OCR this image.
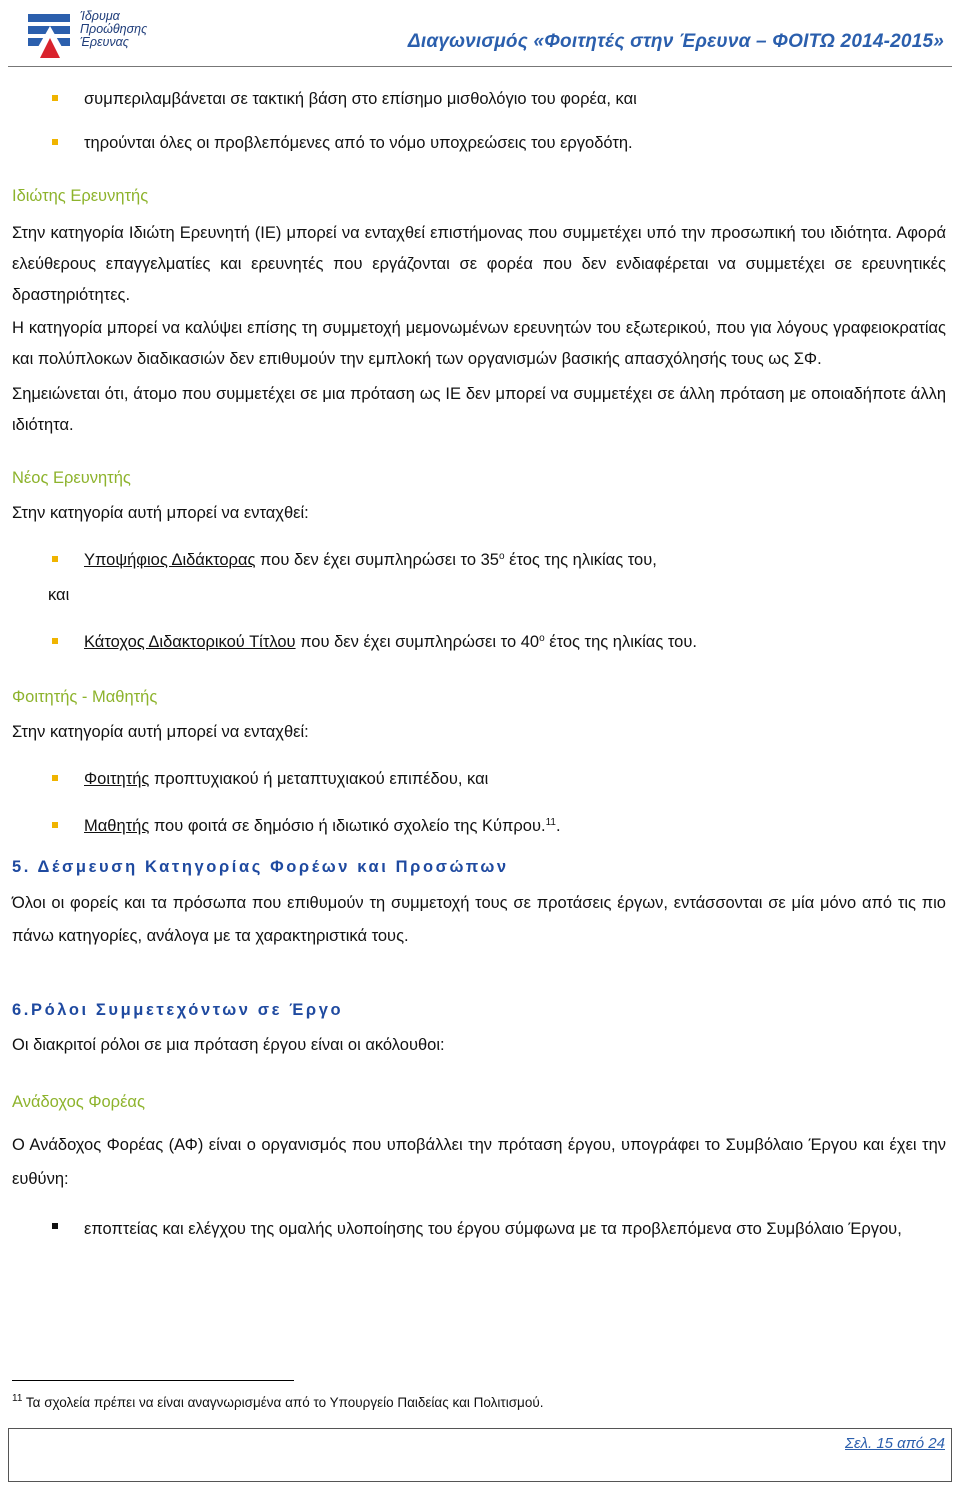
Ίδρυμα
Προώθησης
Έρευνας	Διαγωνισμός «Φοιτητές στην Έρευνα – ΦΟΙΤΩ 2014-2015»

συμπεριλαμβάνεται σε τακτική βάση στο επίσημο μισθολόγιο του φορέα, και

τηρούνται όλες οι προβλεπόμενες από το νόμο υποχρεώσεις του εργοδότη.

Ιδιώτης Ερευνητής

Στην κατηγορία Ιδιώτη Ερευνητή (ΙΕ) μπορεί να ενταχθεί επιστήμονας που συμμετέχει υπό την προσωπική του ιδιότητα. Αφορά ελεύθερους επαγγελματίες και ερευνητές που εργάζονται σε φορέα που δεν ενδιαφέρεται να συμμετέχει σε ερευνητικές δραστηριότητες.

Η κατηγορία μπορεί να καλύψει επίσης τη συμμετοχή μεμονωμένων ερευνητών του εξωτερικού, που για λόγους γραφειοκρατίας και πολύπλοκων διαδικασιών δεν επιθυμούν την εμπλοκή των οργανισμών βασικής απασχόλησής τους ως ΣΦ.

Σημειώνεται ότι, άτομο που συμμετέχει σε μια πρόταση ως ΙΕ δεν μπορεί να συμμετέχει σε άλλη πρόταση με οποιαδήποτε άλλη ιδιότητα.

Νέος Ερευνητής

Στην κατηγορία αυτή μπορεί να ενταχθεί:

Υποψήφιος Διδάκτορας που δεν έχει συμπληρώσει το $35^o$ έτος της ηλικίας του,

και

Κάτοχος Διδακτορικού Τίτλου που δεν έχει συμπληρώσει το $40^o$ έτος της ηλικίας του.

Φοιτητής - Μαθητής

Στην κατηγορία αυτή μπορεί να ενταχθεί:

Φοιτητής προπτυχιακού ή μεταπτυχιακού επιπέδου, και

Μαθητής που φοιτά σε δημόσιο ή ιδιωτικό σχολείο της Κύπρου.$^{11}$.

5. Δέσμευση Κατηγορίας Φορέων και Προσώπων

Όλοι οι φορείς και τα πρόσωπα που επιθυμούν τη συμμετοχή τους σε προτάσεις έργων, εντάσσονται σε μία μόνο από τις πιο πάνω κατηγορίες, ανάλογα με τα χαρακτηριστικά τους.

6.Ρόλοι Συμμετεχόντων σε Έργο

Οι διακριτοί ρόλοι σε μια πρόταση έργου είναι οι ακόλουθοι:

Ανάδοχος Φορέας

Ο Ανάδοχος Φορέας (ΑΦ) είναι ο οργανισμός που υποβάλλει την πρόταση έργου, υπογράφει το Συμβόλαιο Έργου και έχει την ευθύνη:

εποπτείας και ελέγχου της ομαλής υλοποίησης του έργου σύμφωνα με τα προβλεπόμενα στο Συμβόλαιο Έργου,

$^{11}$ Τα σχολεία πρέπει να είναι αναγνωρισμένα από το Υπουργείο Παιδείας και Πολιτισμού.
Σελ. 15 από 24
